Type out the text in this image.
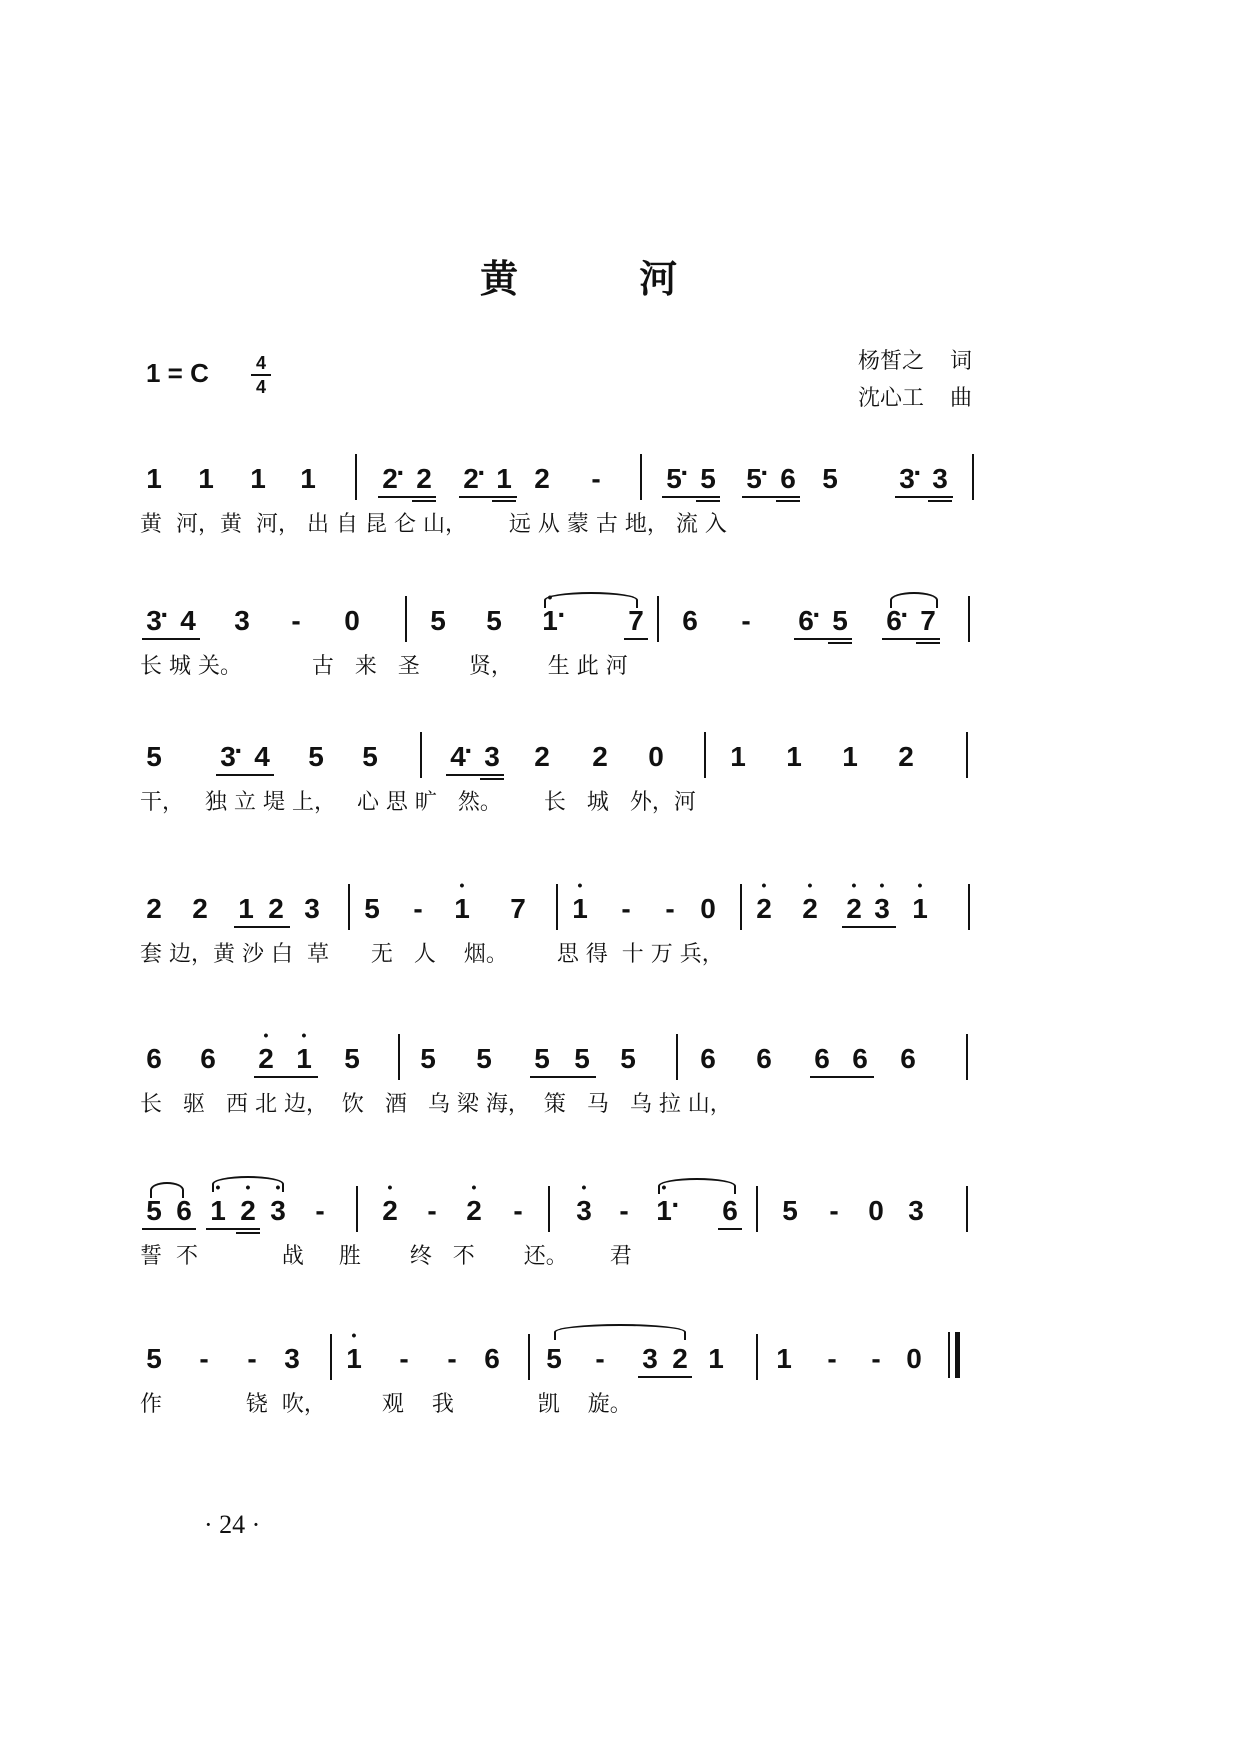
黄 河
1 = C	4
4
杨皙之 词
沈心工 曲
1 1 1 1 2
· 2 2
· 1 2	-	5
· 5 5
· 6 5 3
· 3
黄  河，黄  河， 出 自 昆 仑 山，      远 从 蒙 古 地， 流 入
3
· 4 3	-	0	5 5 • 1 · 7 6	-	6
· 5 6
· 7
长 城 关。          古   来   圣       贤，     生 此 河
5 3
· 4 5 5	4
· 3 2 2 0 1 1 1 2
干，   独 立 堤 上，   心 思 旷   然。      长   城   外，河
2 2 1 2 3 5	-	• 1 7 • 1	-	- 0 • 2 • 2 • 2 • 3 • 1
套 边，黄 沙 白  草      无   人    烟。       思 得  十 万 兵，
6 6 • 2 • 1 5 5 5 5 5 5 6 6 6 6 6
长   驱   西 北 边，  饮   酒   乌 梁 海，  策   马   乌 拉 山，
5 6 • 1 • 2 • 3	-	• 2	-	• 2	-	• 3 - • 1 · 6 5	-	0 3
誓  不            战     胜       终   不       还。      君
5	-	- 3 • 1	-	- 6 5	-	3 2 1 1	-	- 0
作            铙  吹，        观    我            凯    旋。
· 24 ·
